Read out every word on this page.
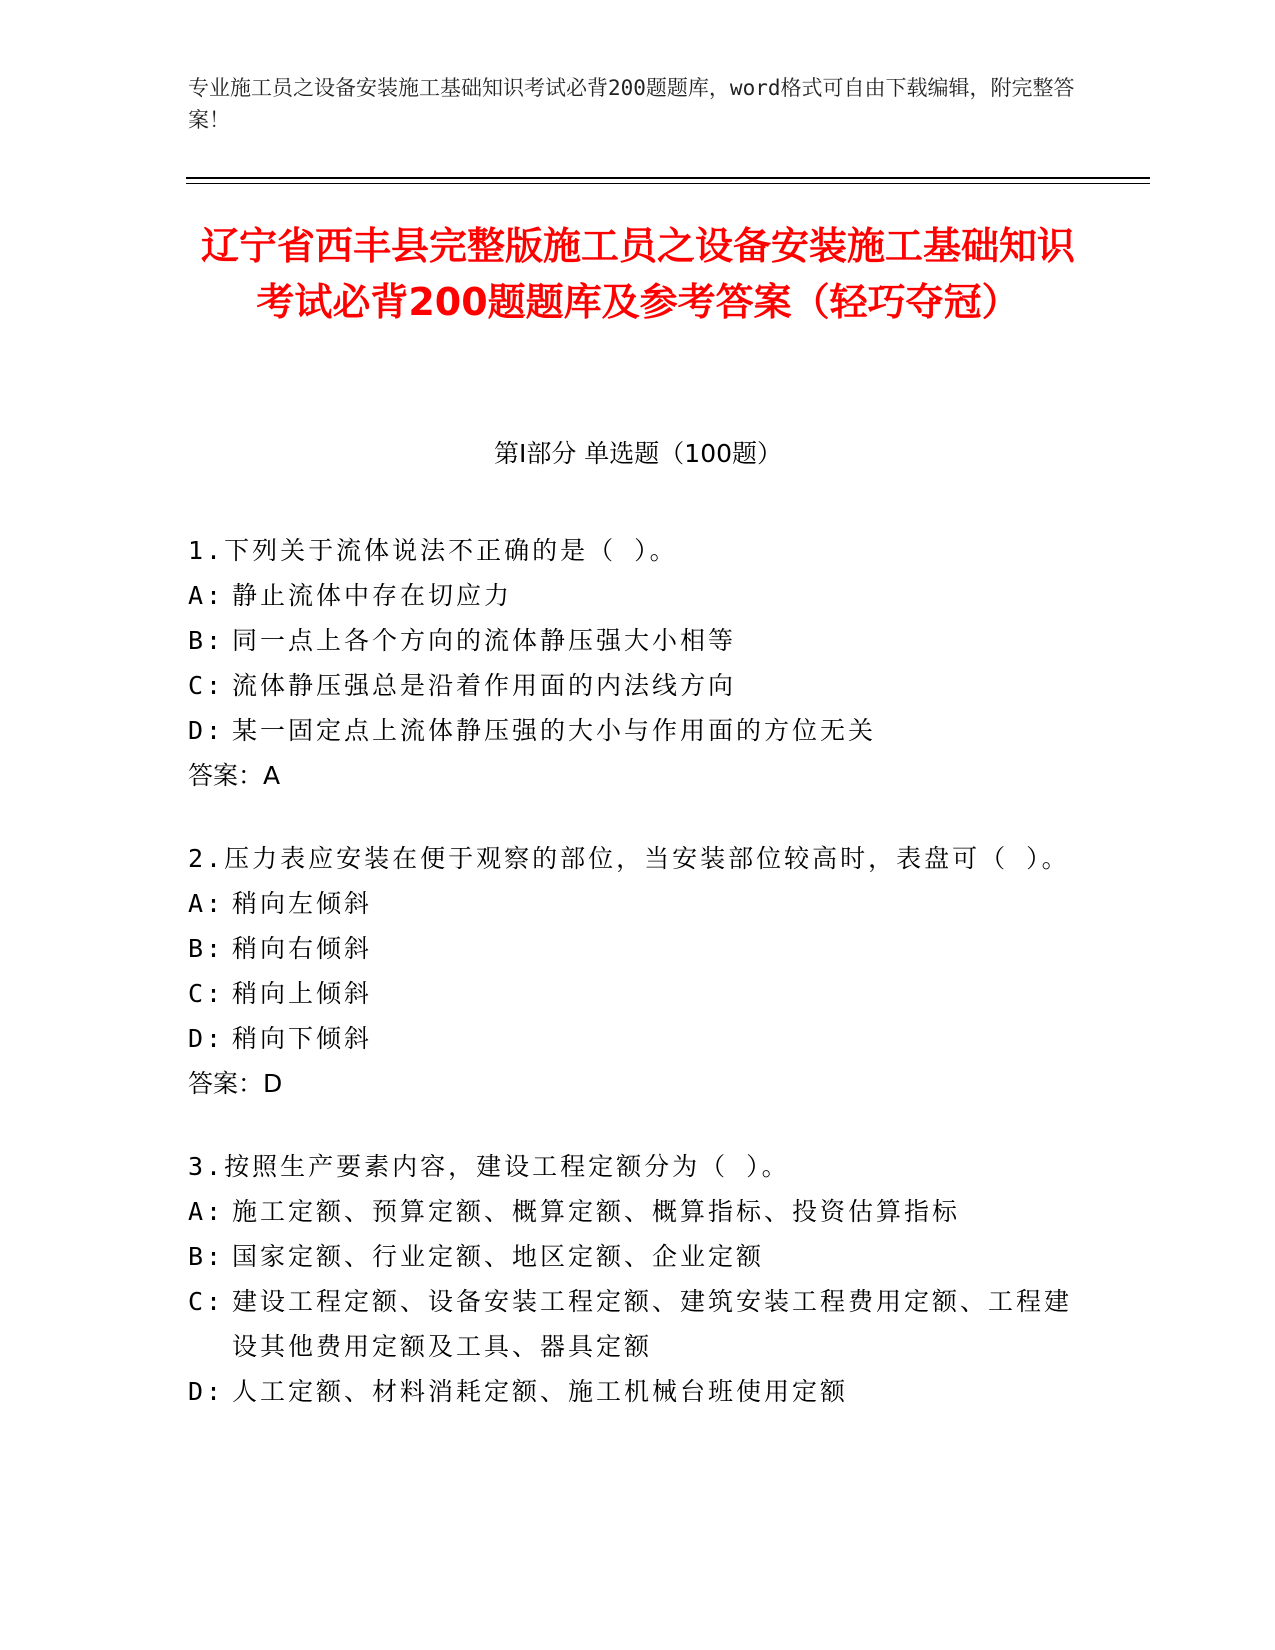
专业施工员之设备安装施工基础知识考试必背200题题库，word格式可自由下载编辑，附完整答案！
辽宁省西丰县完整版施工员之设备安装施工基础知识考试必背200题题库及参考答案（轻巧夺冠）
第Ⅰ部分 单选题（100题）
1.下列关于流体说法不正确的是（ ）。
A: 静止流体中存在切应力
B: 同一点上各个方向的流体静压强大小相等
C: 流体静压强总是沿着作用面的内法线方向
D: 某一固定点上流体静压强的大小与作用面的方位无关
答案：A
2.压力表应安装在便于观察的部位，当安装部位较高时，表盘可（ ）。
A: 稍向左倾斜
B: 稍向右倾斜
C: 稍向上倾斜
D: 稍向下倾斜
答案：D
3.按照生产要素内容，建设工程定额分为（ ）。
A: 施工定额、预算定额、概算定额、概算指标、投资估算指标
B: 国家定额、行业定额、地区定额、企业定额
C: 建设工程定额、设备安装工程定额、建筑安装工程费用定额、工程建设其他费用定额及工具、器具定额
D: 人工定额、材料消耗定额、施工机械台班使用定额
